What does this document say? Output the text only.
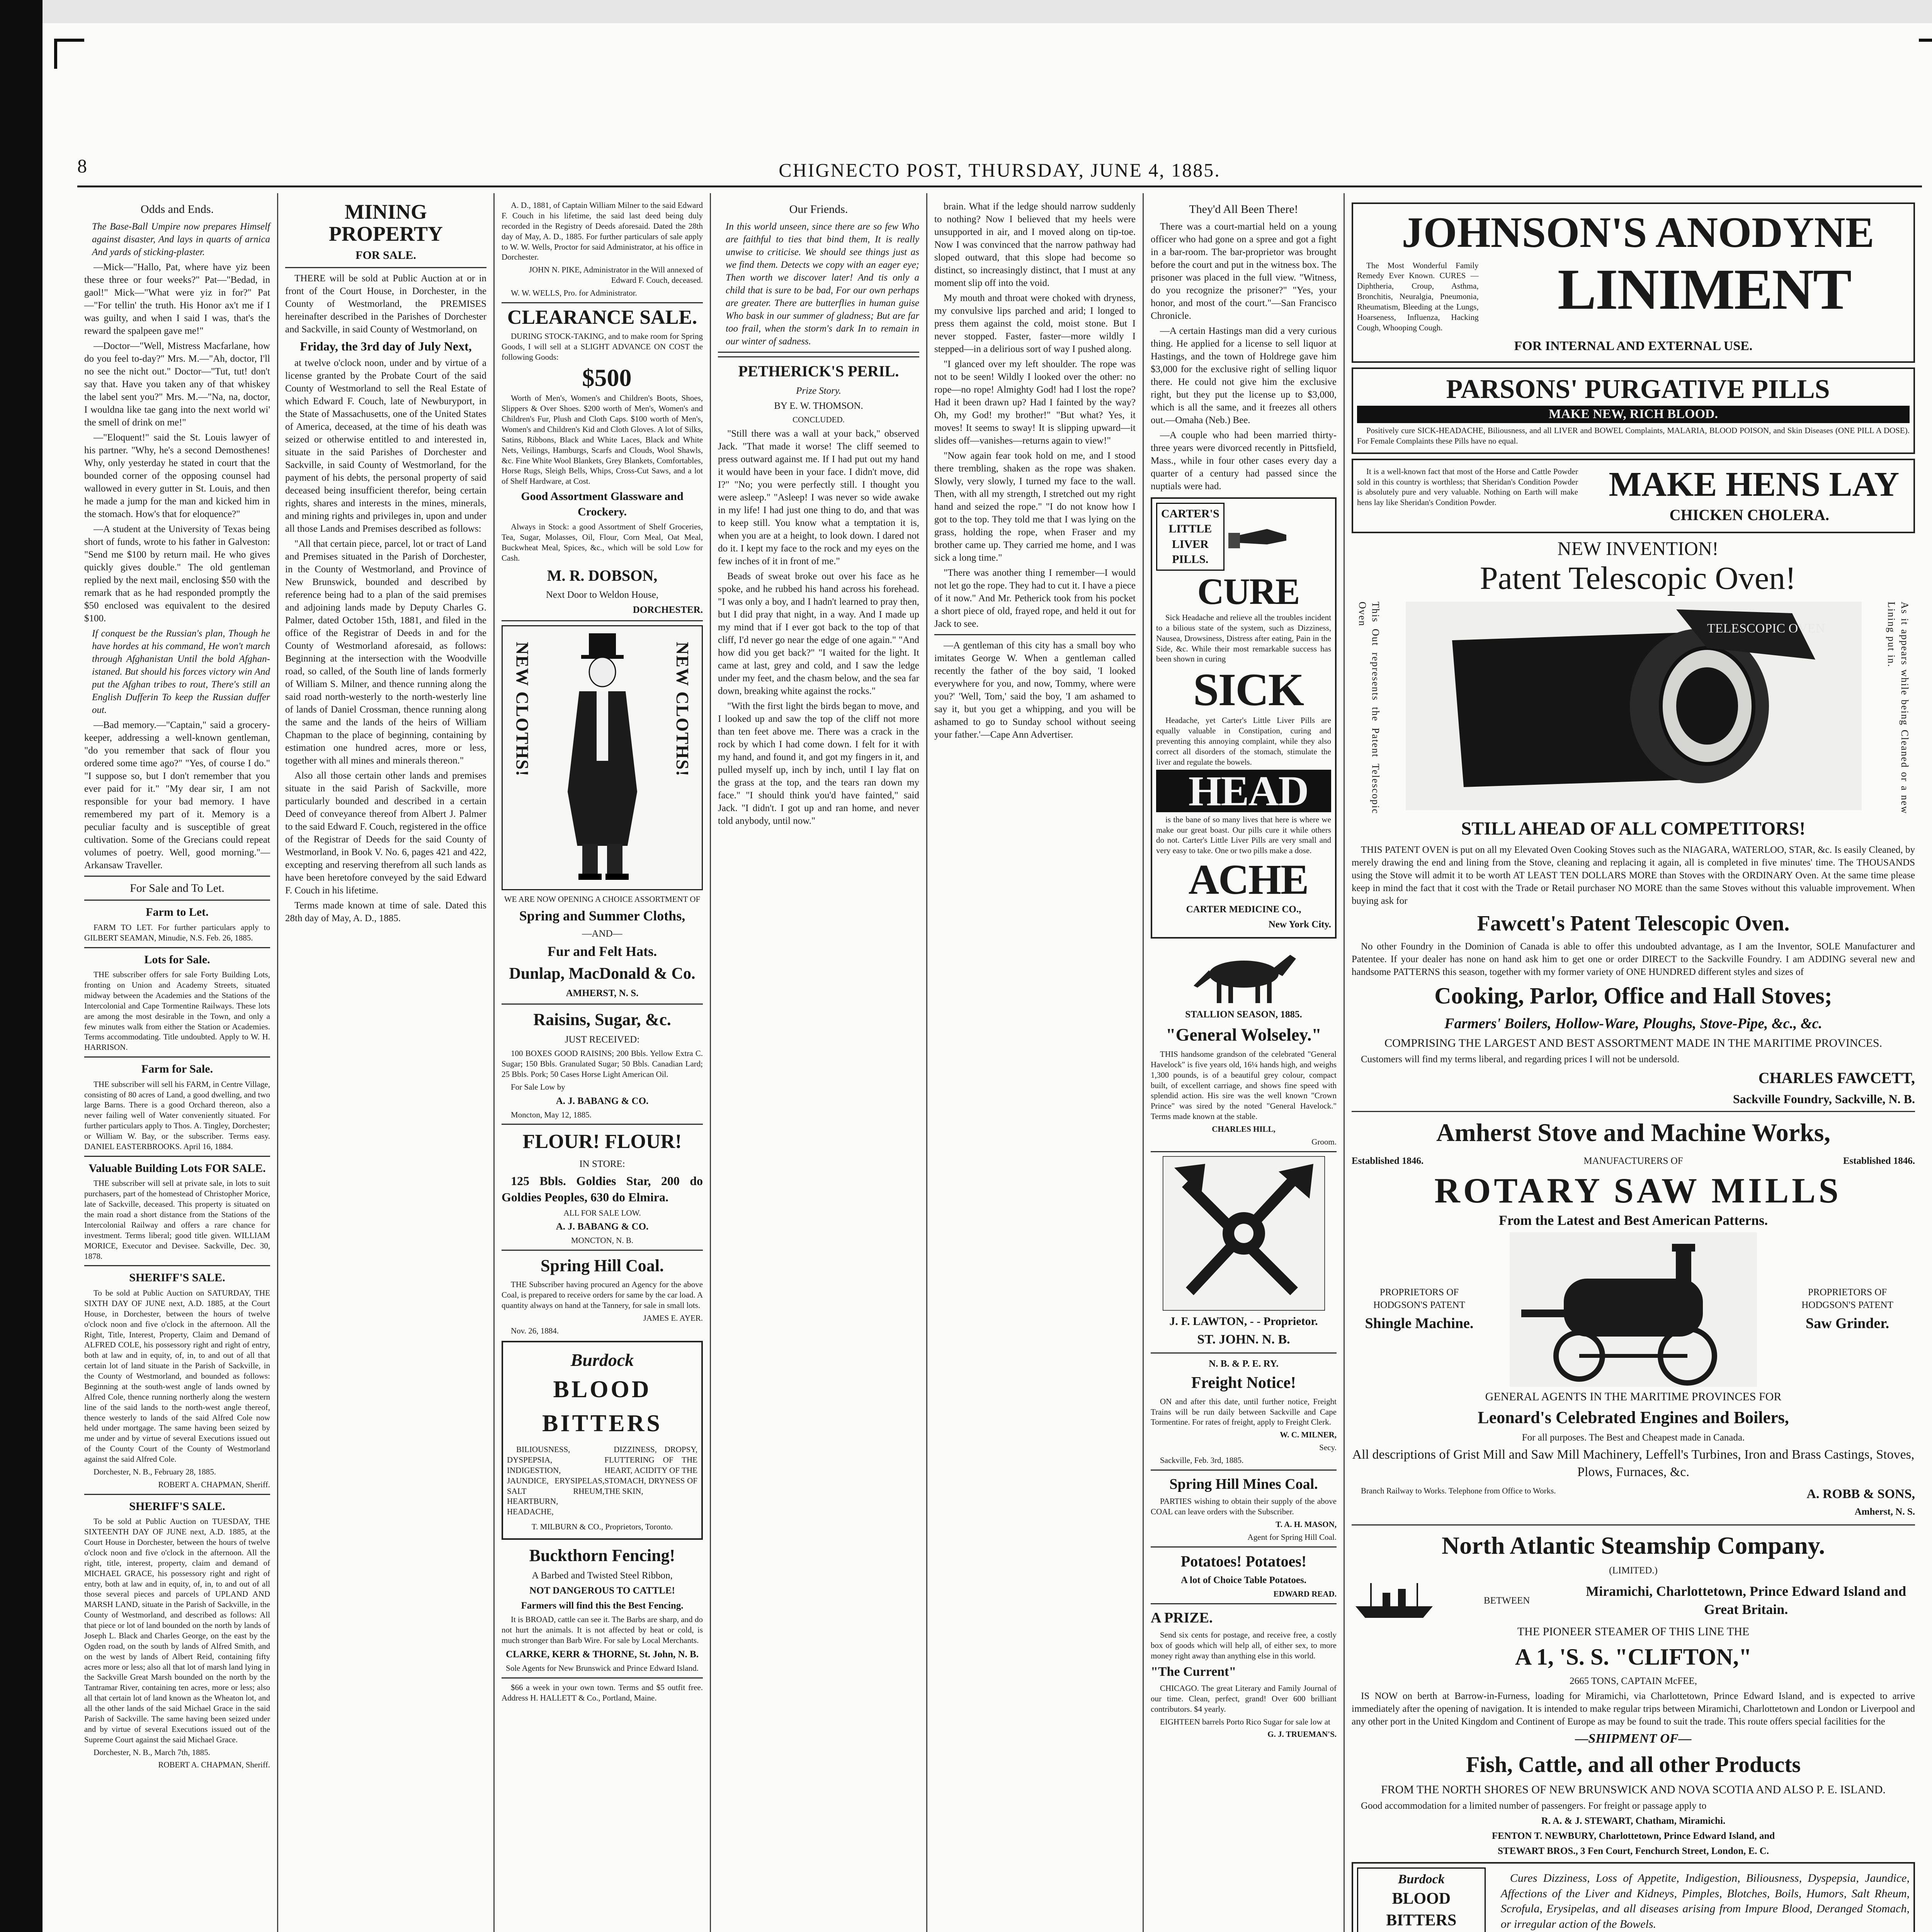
8	CHIGNECTO POST, THURSDAY, JUNE 4, 1885.
Odds and Ends.

The Base-Ball Umpire now prepares Himself against disaster, And lays in quarts of arnica And yards of sticking-plaster.

—Mick—"Hallo, Pat, where have yiz been these three or four weeks?" Pat—"Bedad, in gaol!" Mick—"What were yiz in for?" Pat—"For tellin' the truth. His Honor ax't me if I was guilty, and when I said I was, that's the reward the spalpeen gave me!"

—Doctor—"Well, Mistress Macfarlane, how do you feel to-day?" Mrs. M.—"Ah, doctor, I'll no see the nicht out." Doctor—"Tut, tut! don't say that. Have you taken any of that whiskey the label sent you?" Mrs. M.—"Na, na, doctor, I wouldna like tae gang into the next world wi' the smell of drink on me!"

—"Eloquent!" said the St. Louis lawyer of his partner. "Why, he's a second Demosthenes! Why, only yesterday he stated in court that the bounded corner of the opposing counsel had wallowed in every gutter in St. Louis, and then he made a jump for the man and kicked him in the stomach. How's that for eloquence?"

—A student at the University of Texas being short of funds, wrote to his father in Galveston: "Send me $100 by return mail. He who gives quickly gives double." The old gentleman replied by the next mail, enclosing $50 with the remark that as he had responded promptly the $50 enclosed was equivalent to the desired $100.

If conquest be the Russian's plan, Though he have hordes at his command, He won't march through Afghanistan Until the bold Afghan-istaned. But should his forces victory win And put the Afghan tribes to rout, There's still an English Dufferin To keep the Russian duffer out.

—Bad memory.—"Captain," said a grocery-keeper, addressing a well-known gentleman, "do you remember that sack of flour you ordered some time ago?" "Yes, of course I do." "I suppose so, but I don't remember that you ever paid for it." "My dear sir, I am not responsible for your bad memory. I have remembered my part of it. Memory is a peculiar faculty and is susceptible of great cultivation. Some of the Grecians could repeat volumes of poetry. Well, good morning."—Arkansaw Traveller.

For Sale and To Let.
Farm to Let.

FARM TO LET. For further particulars apply to GILBERT SEAMAN, Minudie, N.S. Feb. 26, 1885.

Lots for Sale.

THE subscriber offers for sale Forty Building Lots, fronting on Union and Academy Streets, situated midway between the Academies and the Stations of the Intercolonial and Cape Tormentine Railways. These lots are among the most desirable in the Town, and only a few minutes walk from either the Station or Academies. Terms accommodating. Title undoubted. Apply to W. H. HARRISON.

Farm for Sale.

THE subscriber will sell his FARM, in Centre Village, consisting of 80 acres of Land, a good dwelling, and two large Barns. There is a good Orchard thereon, also a never failing well of Water conveniently situated. For further particulars apply to Thos. A. Tingley, Dorchester; or William W. Bay, or the subscriber. Terms easy. DANIEL EASTERBROOKS. April 16, 1884.

Valuable Building Lots FOR SALE.

THE subscriber will sell at private sale, in lots to suit purchasers, part of the homestead of Christopher Morice, late of Sackville, deceased. This property is situated on the main road a short distance from the Stations of the Intercolonial Railway and offers a rare chance for investment. Terms liberal; good title given. WILLIAM MORICE, Executor and Devisee. Sackville, Dec. 30, 1878.

SHERIFF'S SALE.

To be sold at Public Auction on SATURDAY, THE SIXTH DAY OF JUNE next, A.D. 1885, at the Court House, in Dorchester, between the hours of twelve o'clock noon and five o'clock in the afternoon. All the Right, Title, Interest, Property, Claim and Demand of ALFRED COLE, his possessory right and right of entry, both at law and in equity, of, in, to and out of all that certain lot of land situate in the Parish of Sackville, in the County of Westmorland, and bounded as follows: Beginning at the south-west angle of lands owned by Alfred Cole, thence running northerly along the western line of the said lands to the north-west angle thereof, thence westerly to lands of the said Alfred Cole now held under mortgage. The same having been seized by me under and by virtue of several Executions issued out of the County Court of the County of Westmorland against the said Alfred Cole.

Dorchester, N. B., February 28, 1885.

ROBERT A. CHAPMAN, Sheriff.

SHERIFF'S SALE.

To be sold at Public Auction on TUESDAY, THE SIXTEENTH DAY OF JUNE next, A.D. 1885, at the Court House in Dorchester, between the hours of twelve o'clock noon and five o'clock in the afternoon. All the right, title, interest, property, claim and demand of MICHAEL GRACE, his possessory right and right of entry, both at law and in equity, of, in, to and out of all those several pieces and parcels of UPLAND AND MARSH LAND, situate in the Parish of Sackville, in the County of Westmorland, and described as follows: All that piece or lot of land bounded on the north by lands of Joseph L. Black and Charles George, on the east by the Ogden road, on the south by lands of Alfred Smith, and on the west by lands of Albert Reid, containing fifty acres more or less; also all that lot of marsh land lying in the Sackville Great Marsh bounded on the north by the Tantramar River, containing ten acres, more or less; also all that certain lot of land known as the Wheaton lot, and all the other lands of the said Michael Grace in the said Parish of Sackville. The same having been seized under and by virtue of several Executions issued out of the Supreme Court against the said Michael Grace.

Dorchester, N. B., March 7th, 1885.

ROBERT A. CHAPMAN, Sheriff.

MINING PROPERTY
FOR SALE.

THERE will be sold at Public Auction at or in front of the Court House, in Dorchester, in the County of Westmorland, the PREMISES hereinafter described in the Parishes of Dorchester and Sackville, in said County of Westmorland, on

Friday, the 3rd day of July Next,

at twelve o'clock noon, under and by virtue of a license granted by the Probate Court of the said County of Westmorland to sell the Real Estate of which Edward F. Couch, late of Newburyport, in the State of Massachusetts, one of the United States of America, deceased, at the time of his death was seized or otherwise entitled to and interested in, situate in the said Parishes of Dorchester and Sackville, in said County of Westmorland, for the payment of his debts, the personal property of said deceased being insufficient therefor, being certain rights, shares and interests in the mines, minerals, and mining rights and privileges in, upon and under all those Lands and Premises described as follows:

"All that certain piece, parcel, lot or tract of Land and Premises situated in the Parish of Dorchester, in the County of Westmorland, and Province of New Brunswick, bounded and described by reference being had to a plan of the said premises and adjoining lands made by Deputy Charles G. Palmer, dated October 15th, 1881, and filed in the office of the Registrar of Deeds in and for the County of Westmorland aforesaid, as follows: Beginning at the intersection with the Woodville road, so called, of the South line of lands formerly of William S. Milner, and thence running along the said road north-westerly to the north-westerly line of lands of Daniel Crossman, thence running along the same and the lands of the heirs of William Chapman to the place of beginning, containing by estimation one hundred acres, more or less, together with all mines and minerals thereon."

Also all those certain other lands and premises situate in the said Parish of Sackville, more particularly bounded and described in a certain Deed of conveyance thereof from Albert J. Palmer to the said Edward F. Couch, registered in the office of the Registrar of Deeds for the said County of Westmorland, in Book V. No. 6, pages 421 and 422, excepting and reserving therefrom all such lands as have been heretofore conveyed by the said Edward F. Couch in his lifetime.

Terms made known at time of sale. Dated this 28th day of May, A. D., 1885.

A. D., 1881, of Captain William Milner to the said Edward F. Couch in his lifetime, the said last deed being duly recorded in the Registry of Deeds aforesaid. Dated the 28th day of May, A. D., 1885. For further particulars of sale apply to W. W. Wells, Proctor for said Administrator, at his office in Dorchester.

JOHN N. PIKE, Administrator in the Will annexed of Edward F. Couch, deceased.

W. W. WELLS, Pro. for Administrator.

CLEARANCE SALE.

DURING STOCK-TAKING, and to make room for Spring Goods, I will sell at a SLIGHT ADVANCE ON COST the following Goods:

$500

Worth of Men's, Women's and Children's Boots, Shoes, Slippers & Over Shoes. $200 worth of Men's, Women's and Children's Fur, Plush and Cloth Caps. $100 worth of Men's, Women's and Children's Kid and Cloth Gloves. A lot of Silks, Satins, Ribbons, Black and White Laces, Black and White Nets, Veilings, Hamburgs, Scarfs and Clouds, Wool Shawls, &c. Fine White Wool Blankets, Grey Blankets, Comfortables, Horse Rugs, Sleigh Bells, Whips, Cross-Cut Saws, and a lot of Shelf Hardware, at Cost.

Good Assortment Glassware and Crockery.

Always in Stock: a good Assortment of Shelf Groceries, Tea, Sugar, Molasses, Oil, Flour, Corn Meal, Oat Meal, Buckwheat Meal, Spices, &c., which will be sold Low for Cash.

M. R. DOBSON,

Next Door to Weldon House,

DORCHESTER.

NEW CLOTHS!	NEW CLOTHS!

WE ARE NOW OPENING A CHOICE ASSORTMENT OF

Spring and Summer Cloths,

—AND—

Fur and Felt Hats.

Dunlap, MacDonald & Co.

AMHERST, N. S.

Raisins, Sugar, &c.

JUST RECEIVED:

100 BOXES GOOD RAISINS; 200 Bbls. Yellow Extra C. Sugar; 150 Bbls. Granulated Sugar; 50 Bbls. Canadian Lard; 25 Bbls. Pork; 50 Cases Horse Light American Oil.

For Sale Low by

A. J. BABANG & CO.

Moncton, May 12, 1885.

FLOUR! FLOUR!

IN STORE:

125 Bbls. Goldies Star, 200 do Goldies Peoples, 630 do Elmira.

ALL FOR SALE LOW.

A. J. BABANG & CO.

MONCTON, N. B.

Spring Hill Coal.

THE Subscriber having procured an Agency for the above Coal, is prepared to receive orders for same by the car load. A quantity always on hand at the Tannery, for sale in small lots.

JAMES E. AYER.

Nov. 26, 1884.

Burdock

BLOOD

BITTERS

BILIOUSNESS, DYSPEPSIA, INDIGESTION, JAUNDICE, ERYSIPELAS, SALT RHEUM, HEARTBURN, HEADACHE,

DIZZINESS, DROPSY, FLUTTERING OF THE HEART, ACIDITY OF THE STOMACH, DRYNESS OF THE SKIN,

T. MILBURN & CO., Proprietors, Toronto.

Buckthorn Fencing!

A Barbed and Twisted Steel Ribbon,

NOT DANGEROUS TO CATTLE!

Farmers will find this the Best Fencing.

It is BROAD, cattle can see it. The Barbs are sharp, and do not hurt the animals. It is not affected by heat or cold, is much stronger than Barb Wire. For sale by Local Merchants.

CLARKE, KERR & THORNE, St. John, N. B.

Sole Agents for New Brunswick and Prince Edward Island.

$66 a week in your own town. Terms and $5 outfit free. Address H. HALLETT & Co., Portland, Maine.

Our Friends.

In this world unseen, since there are so few Who are faithful to ties that bind them, It is really unwise to criticise. We should see things just as we find them. Detects we copy with an eager eye; Then worth we discover later! And tis only a child that is sure to be bad, For our own perhaps are greater. There are butterflies in human guise Who bask in our summer of gladness; But are far too frail, when the storm's dark In to remain in our winter of sadness.

PETHERICK'S PERIL.

Prize Story.

BY E. W. THOMSON.

CONCLUDED.

"Still there was a wall at your back," observed Jack. "That made it worse! The cliff seemed to press outward against me. If I had put out my hand it would have been in your face. I didn't move, did I?" "No; you were perfectly still. I thought you were asleep." "Asleep! I was never so wide awake in my life! I had just one thing to do, and that was to keep still. You know what a temptation it is, when you are at a height, to look down. I dared not do it. I kept my face to the rock and my eyes on the few inches of it in front of me."

Beads of sweat broke out over his face as he spoke, and he rubbed his hand across his forehead. "I was only a boy, and I hadn't learned to pray then, but I did pray that night, in a way. And I made up my mind that if I ever got back to the top of that cliff, I'd never go near the edge of one again." "And how did you get back?" "I waited for the light. It came at last, grey and cold, and I saw the ledge under my feet, and the chasm below, and the sea far down, breaking white against the rocks."

"With the first light the birds began to move, and I looked up and saw the top of the cliff not more than ten feet above me. There was a crack in the rock by which I had come down. I felt for it with my hand, and found it, and got my fingers in it, and pulled myself up, inch by inch, until I lay flat on the grass at the top, and the tears ran down my face." "I should think you'd have fainted," said Jack. "I didn't. I got up and ran home, and never told anybody, until now."

brain. What if the ledge should narrow suddenly to nothing? Now I believed that my heels were unsupported in air, and I moved along on tip-toe. Now I was convinced that the narrow pathway had sloped outward, that this slope had become so distinct, so increasingly distinct, that I must at any moment slip off into the void.

My mouth and throat were choked with dryness, my convulsive lips parched and arid; I longed to press them against the cold, moist stone. But I never stopped. Faster, faster—more wildly I stepped—in a delirious sort of way I pushed along.

"I glanced over my left shoulder. The rope was not to be seen! Wildly I looked over the other: no rope—no rope! Almighty God! had I lost the rope? Had it been drawn up? Had I fainted by the way? Oh, my God! my brother!" "But what? Yes, it moves! It seems to sway! It is slipping upward—it slides off—vanishes—returns again to view!"

"Now again fear took hold on me, and I stood there trembling, shaken as the rope was shaken. Slowly, very slowly, I turned my face to the wall. Then, with all my strength, I stretched out my right hand and seized the rope." "I do not know how I got to the top. They told me that I was lying on the grass, holding the rope, when Fraser and my brother came up. They carried me home, and I was sick a long time."

"There was another thing I remember—I would not let go the rope. They had to cut it. I have a piece of it now." And Mr. Petherick took from his pocket a short piece of old, frayed rope, and held it out for Jack to see.

—A gentleman of this city has a small boy who imitates George W. When a gentleman called recently the father of the boy said, 'I looked everywhere for you, and now, Tommy, where were you?' 'Well, Tom,' said the boy, 'I am ashamed to say it, but you get a whipping, and you will be ashamed to go to Sunday school without seeing your father.'—Cape Ann Advertiser.

They'd All Been There!

There was a court-martial held on a young officer who had gone on a spree and got a fight in a bar-room. The bar-proprietor was brought before the court and put in the witness box. The prisoner was placed in the full view. "Witness, do you recognize the prisoner?" "Yes, your honor, and most of the court."—San Francisco Chronicle.

—A certain Hastings man did a very curious thing. He applied for a license to sell liquor at Hastings, and the town of Holdrege gave him $3,000 for the exclusive right of selling liquor there. He could not give him the exclusive right, but they put the license up to $3,000, which is all the same, and it freezes all others out.—Omaha (Neb.) Bee.

—A couple who had been married thirty-three years were divorced recently in Pittsfield, Mass., while in four other cases every day a quarter of a century had passed since the nuptials were had.

CARTER'S

LITTLE

LIVER

PILLS.

CURE

Sick Headache and relieve all the troubles incident to a bilious state of the system, such as Dizziness, Nausea, Drowsiness, Distress after eating, Pain in the Side, &c. While their most remarkable success has been shown in curing

SICK

Headache, yet Carter's Little Liver Pills are equally valuable in Constipation, curing and preventing this annoying complaint, while they also correct all disorders of the stomach, stimulate the liver and regulate the bowels.

HEAD

is the bane of so many lives that here is where we make our great boast. Our pills cure it while others do not. Carter's Little Liver Pills are very small and very easy to take. One or two pills make a dose.

ACHE

CARTER MEDICINE CO.,

New York City.

STALLION SEASON, 1885.

"General Wolseley."

THIS handsome grandson of the celebrated "General Havelock" is five years old, 16¼ hands high, and weighs 1,300 pounds, is of a beautiful grey colour, compact built, of excellent carriage, and shows fine speed with splendid action. His sire was the well known "Crown Prince" was sired by the noted "General Havelock." Terms made known at the stable.

CHARLES HILL,

Groom.

J. F. LAWTON, - - Proprietor.

ST. JOHN. N. B.

N. B. & P. E. RY.

Freight Notice!

ON and after this date, until further notice, Freight Trains will be run daily between Sackville and Cape Tormentine. For rates of freight, apply to Freight Clerk.

W. C. MILNER,

Secy.

Sackville, Feb. 3rd, 1885.

Spring Hill Mines Coal.

PARTIES wishing to obtain their supply of the above COAL can leave orders with the Subscriber.

T. A. H. MASON,

Agent for Spring Hill Coal.

Potatoes! Potatoes!

A lot of Choice Table Potatoes.

EDWARD READ.

A PRIZE.

Send six cents for postage, and receive free, a costly box of goods which will help all, of either sex, to more money right away than anything else in this world.

"The Current"

CHICAGO. The great Literary and Family Journal of our time. Clean, perfect, grand! Over 600 brilliant contributors. $4 yearly.

EIGHTEEN barrels Porto Rico Sugar for sale low at

G. J. TRUEMAN'S.

JOHNSON'S ANODYNE

The Most Wonderful Family Remedy Ever Known. CURES — Diphtheria, Croup, Asthma, Bronchitis, Neuralgia, Pneumonia, Rheumatism, Bleeding at the Lungs, Hoarseness, Influenza, Hacking Cough, Whooping Cough.

LINIMENT

FOR INTERNAL AND EXTERNAL USE.

PARSONS' PURGATIVE PILLS

MAKE NEW, RICH BLOOD.

Positively cure SICK-HEADACHE, Biliousness, and all LIVER and BOWEL Complaints, MALARIA, BLOOD POISON, and Skin Diseases (ONE PILL A DOSE). For Female Complaints these Pills have no equal.

It is a well-known fact that most of the Horse and Cattle Powder sold in this country is worthless; that Sheridan's Condition Powder is absolutely pure and very valuable. Nothing on Earth will make hens lay like Sheridan's Condition Powder.	MAKE HENS LAY

CHICKEN CHOLERA.

NEW INVENTION!

Patent Telescopic Oven!

This Out represents the Patent Telescopic Oven	As it appears while being Cleaned or a new Lining put in.
TELESCOPIC OVEN

STILL AHEAD OF ALL COMPETITORS!

THIS PATENT OVEN is put on all my Elevated Oven Cooking Stoves such as the NIAGARA, WATERLOO, STAR, &c. Is easily Cleaned, by merely drawing the end and lining from the Stove, cleaning and replacing it again, all is completed in five minutes' time. The THOUSANDS using the Stove will admit it to be worth AT LEAST TEN DOLLARS MORE than Stoves with the ORDINARY Oven. At the same time please keep in mind the fact that it cost with the Trade or Retail purchaser NO MORE than the same Stoves without this valuable improvement. When buying ask for

Fawcett's Patent Telescopic Oven.

No other Foundry in the Dominion of Canada is able to offer this undoubted advantage, as I am the Inventor, SOLE Manufacturer and Patentee. If your dealer has none on hand ask him to get one or order DIRECT to the Sackville Foundry. I am ADDING several new and handsome PATTERNS this season, together with my former variety of ONE HUNDRED different styles and sizes of

Cooking, Parlor, Office and Hall Stoves;

Farmers' Boilers, Hollow-Ware, Ploughs, Stove-Pipe, &c., &c.

COMPRISING THE LARGEST AND BEST ASSORTMENT MADE IN THE MARITIME PROVINCES.

Customers will find my terms liberal, and regarding prices I will not be undersold.

CHARLES FAWCETT,

Sackville Foundry, Sackville, N. B.

Amherst Stove and Machine Works,

Established 1846.	MANUFACTURERS OF	Established 1846.

ROTARY SAW MILLS

From the Latest and Best American Patterns.

PROPRIETORS OF HODGSON'S PATENT

Shingle Machine.

PROPRIETORS OF HODGSON'S PATENT

Saw Grinder.

GENERAL AGENTS IN THE MARITIME PROVINCES FOR

Leonard's Celebrated Engines and Boilers,

For all purposes. The Best and Cheapest made in Canada.

All descriptions of Grist Mill and Saw Mill Machinery, Leffell's Turbines, Iron and Brass Castings, Stoves, Plows, Furnaces, &c.

Branch Railway to Works. Telephone from Office to Works.	A. ROBB & SONS,

Amherst, N. S.

North Atlantic Steamship Company.

(LIMITED.)

BETWEEN

Miramichi, Charlottetown, Prince Edward Island and Great Britain.

THE PIONEER STEAMER OF THIS LINE THE

A 1, 'S. S. "CLIFTON,"

2665 TONS, CAPTAIN McFEE,

IS NOW on berth at Barrow-in-Furness, loading for Miramichi, via Charlottetown, Prince Edward Island, and is expected to arrive immediately after the opening of navigation. It is intended to make regular trips between Miramichi, Charlottetown and London or Liverpool and any other port in the United Kingdom and Continent of Europe as may be found to suit the trade. This route offers special facilities for the

—SHIPMENT OF—

Fish, Cattle, and all other Products

FROM THE NORTH SHORES OF NEW BRUNSWICK AND NOVA SCOTIA AND ALSO P. E. ISLAND.

Good accommodation for a limited number of passengers. For freight or passage apply to

R. A. & J. STEWART, Chatham, Miramichi.

FENTON T. NEWBURY, Charlottetown, Prince Edward Island, and

STEWART BROS., 3 Fen Court, Fenchurch Street, London, E. C.

Burdock

BLOOD

BITTERS

Cures Dizziness, Loss of Appetite, Indigestion, Biliousness, Dyspepsia, Jaundice, Affections of the Liver and Kidneys, Pimples, Blotches, Boils, Humors, Salt Rheum, Scrofula, Erysipelas, and all diseases arising from Impure Blood, Deranged Stomach, or irregular action of the Bowels.
